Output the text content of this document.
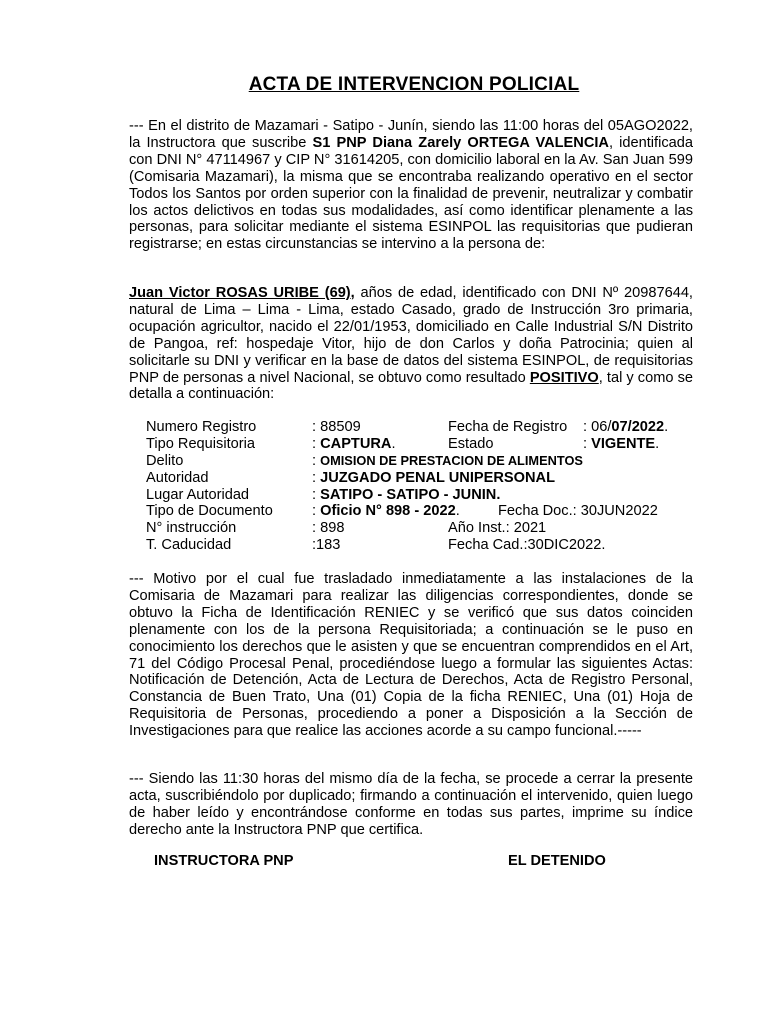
ACTA DE INTERVENCION POLICIAL

--- En el distrito de Mazamari - Satipo - Junín, siendo las 11:00 horas del 05AGO2022, la Instructora que suscribe S1 PNP Diana Zarely ORTEGA VALENCIA, identificada con DNI N° 47114967 y CIP N° 31614205, con domicilio laboral en la Av. San Juan 599 (Comisaria Mazamari), la misma que se encontraba realizando operativo en el sector Todos los Santos por orden superior con la finalidad de prevenir, neutralizar y combatir los actos delictivos en todas sus modalidades, así como identificar plenamente a las personas, para solicitar mediante el sistema ESINPOL las requisitorias que pudieran registrarse; en estas circunstancias se intervino a la persona de:

Juan Victor ROSAS URIBE (69), años de edad, identificado con DNI Nº 20987644, natural de Lima – Lima - Lima, estado Casado, grado de Instrucción 3ro primaria, ocupación agricultor, nacido el 22/01/1953, domiciliado en Calle Industrial S/N Distrito de Pangoa, ref: hospedaje Vitor, hijo de don Carlos y doña Patrocinia; quien al solicitarle su DNI y verificar en la base de datos del sistema ESINPOL, de requisitorias PNP de personas a nivel Nacional, se obtuvo como resultado POSITIVO, tal y como se detalla a continuación:

Numero Registro	: 88509	Fecha de Registro : 06/07/2022.
Tipo Requisitoria	: CAPTURA.	Estado	: VIGENTE.
Delito	: OMISION DE PRESTACION DE ALIMENTOS
Autoridad	: JUZGADO PENAL UNIPERSONAL
Lugar Autoridad	: SATIPO - SATIPO - JUNIN.
Tipo de Documento	: Oficio N° 898 - 2022.	Fecha Doc.: 30JUN2022
N° instrucción	: 898	Año Inst.: 2021
T. Caducidad	:183	Fecha Cad.:30DIC2022.

--- Motivo por el cual fue trasladado inmediatamente a las instalaciones de la Comisaria de Mazamari para realizar las diligencias correspondientes, donde se obtuvo la Ficha de Identificación RENIEC y se verificó que sus datos coinciden plenamente con los de la persona Requisitoriada; a continuación se le puso en conocimiento los derechos que le asisten y que se encuentran comprendidos en el Art, 71 del Código Procesal Penal, procediéndose luego a formular las siguientes Actas: Notificación de Detención, Acta de Lectura de Derechos, Acta de Registro Personal, Constancia de Buen Trato, Una (01) Copia de la ficha RENIEC, Una (01) Hoja de Requisitoria de Personas, procediendo a poner a Disposición a la Sección de Investigaciones para que realice las acciones acorde a su campo funcional.-----

--- Siendo las 11:30 horas del mismo día de la fecha, se procede a cerrar la presente acta, suscribiéndolo por duplicado; firmando a continuación el intervenido, quien luego de haber leído y encontrándose conforme en todas sus partes, imprime su índice derecho ante la Instructora PNP que certifica.

INSTRUCTORA PNP	EL DETENIDO
